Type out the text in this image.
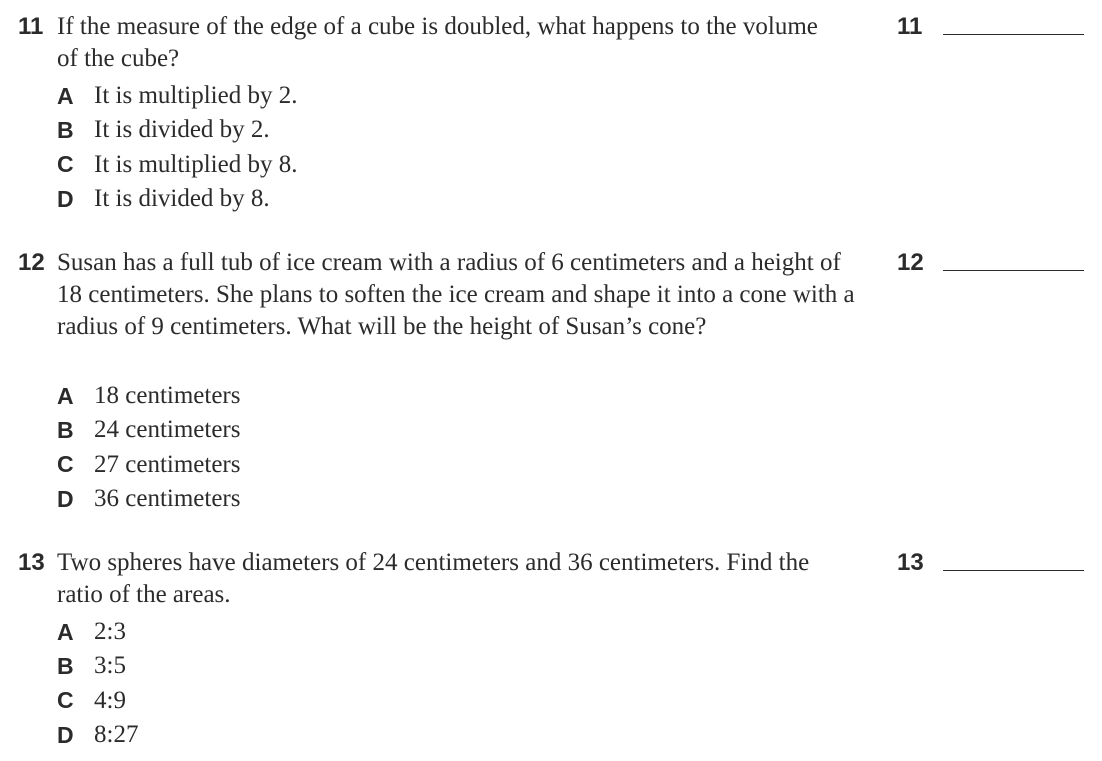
11 If the measure of the edge of a cube is doubled, what happens to the volume of the cube?

A It is multiplied by 2.
B It is divided by 2.
C It is multiplied by 8.
D It is divided by 8.
11
12 Susan has a full tub of ice cream with a radius of 6 centimeters and a height of 18 centimeters. She plans to soften the ice cream and shape it into a cone with a radius of 9 centimeters. What will be the height of Susan’s cone?

A 18 centimeters
B 24 centimeters
C 27 centimeters
D 36 centimeters
12
13 Two spheres have diameters of 24 centimeters and 36 centimeters. Find the ratio of the areas.

A 2:3
B 3:5
C 4:9
D 8:27
13
